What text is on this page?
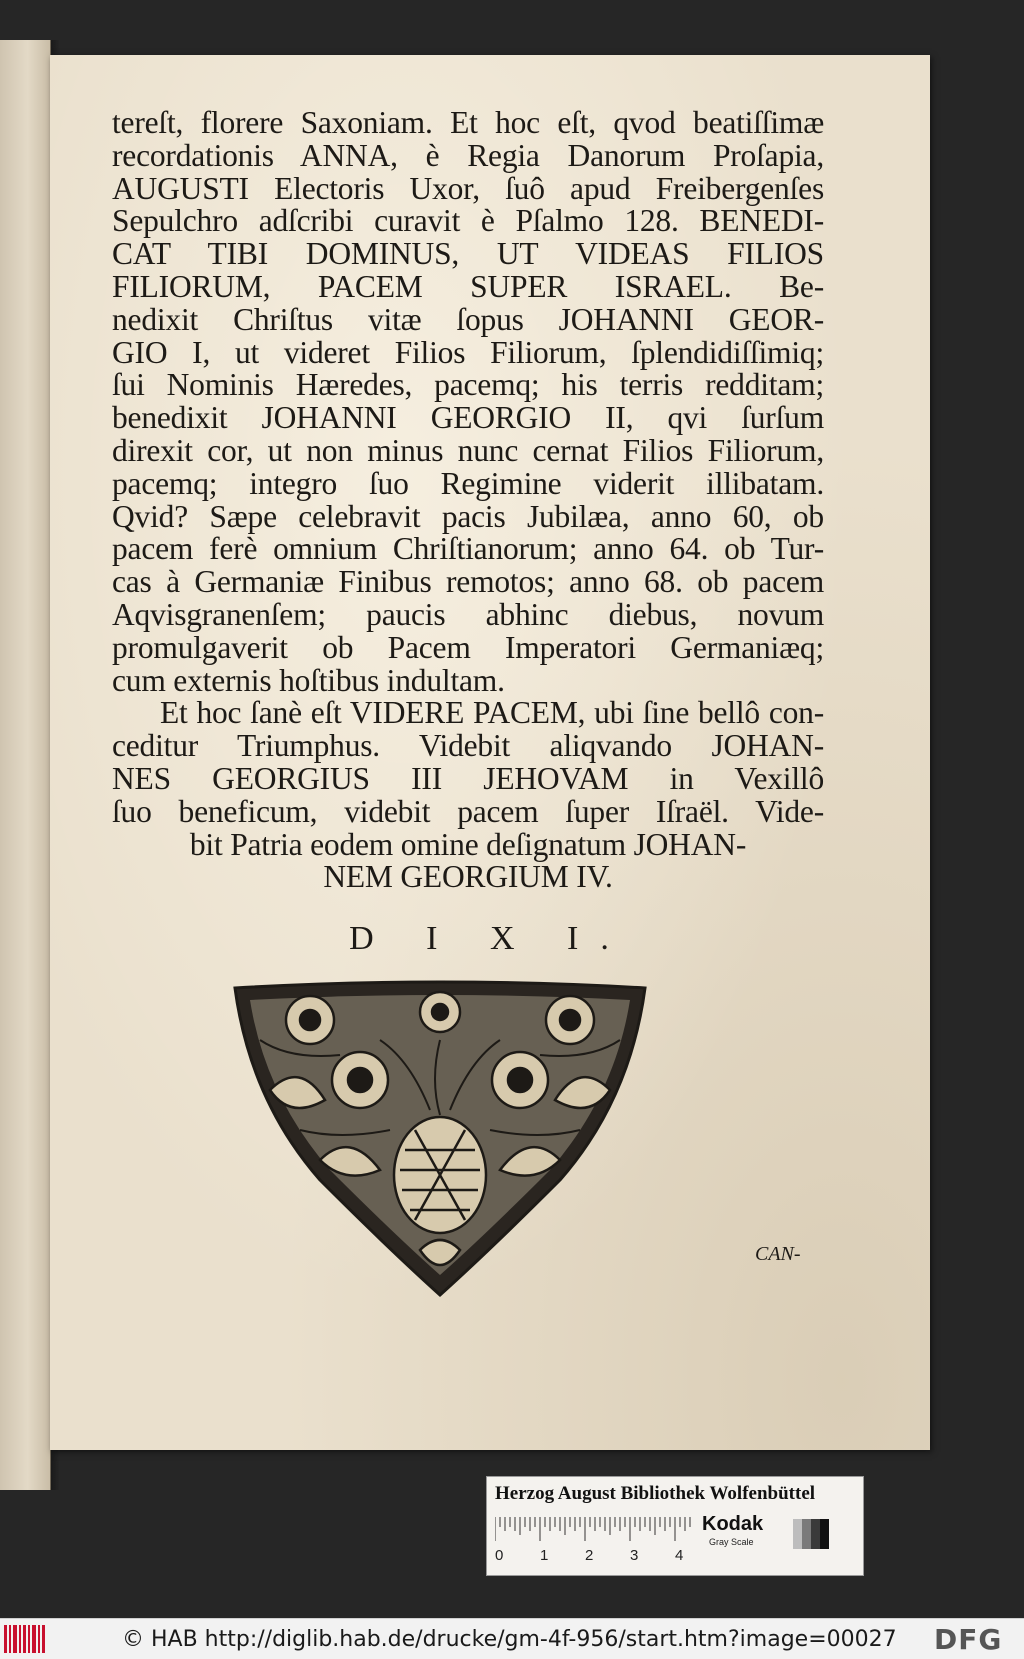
tereſt, florere Saxoniam. Et hoc eſt, qvod beatiſſimæ
recordationis ANNA, è Regia Danorum Proſapia,
AUGUSTI Electoris Uxor, ſuô apud Freibergenſes
Sepulchro adſcribi curavit è Pſalmo 128. BENEDI-
CAT TIBI DOMINUS, UT VIDEAS FILIOS
FILIORUM, PACEM SUPER ISRAEL. Be-
nedixit Chriſtus vitæ ſopus JOHANNI GEOR-
GIO I, ut videret Filios Filiorum, ſplendidiſſimiq;
ſui Nominis Hæredes, pacemq; his terris redditam;
benedixit JOHANNI GEORGIO II, qvi ſurſum
direxit cor, ut non minus nunc cernat Filios Filiorum,
pacemq; integro ſuo Regimine viderit illibatam.
Qvid? Sæpe celebravit pacis Jubilæa, anno 60, ob
pacem ferè omnium Chriſtianorum; anno 64. ob Tur-
cas à Germaniæ Finibus remotos; anno 68. ob pacem
Aqvisgranenſem; paucis abhinc diebus, novum
promulgaverit ob Pacem Imperatori Germaniæq;
cum externis hoſtibus indultam.
Et hoc ſanè eſt VIDERE PACEM, ubi ſine bellô con-
ceditur Triumphus. Videbit aliqvando JOHAN-
NES GEORGIUS III JEHOVAM in Vexillô
ſuo beneficum, videbit pacem ſuper Iſraël. Vide-
bit Patria eodem omine deſignatum JOHAN-
NEM GEORGIUM IV.
D I X I.
CAN-
Herzog August Bibliothek Wolfenbüttel
0 1 2 3 4
Kodak
Gray Scale
© HAB http://diglib.hab.de/drucke/gm-4f-956/start.htm?image=00027 DFG
